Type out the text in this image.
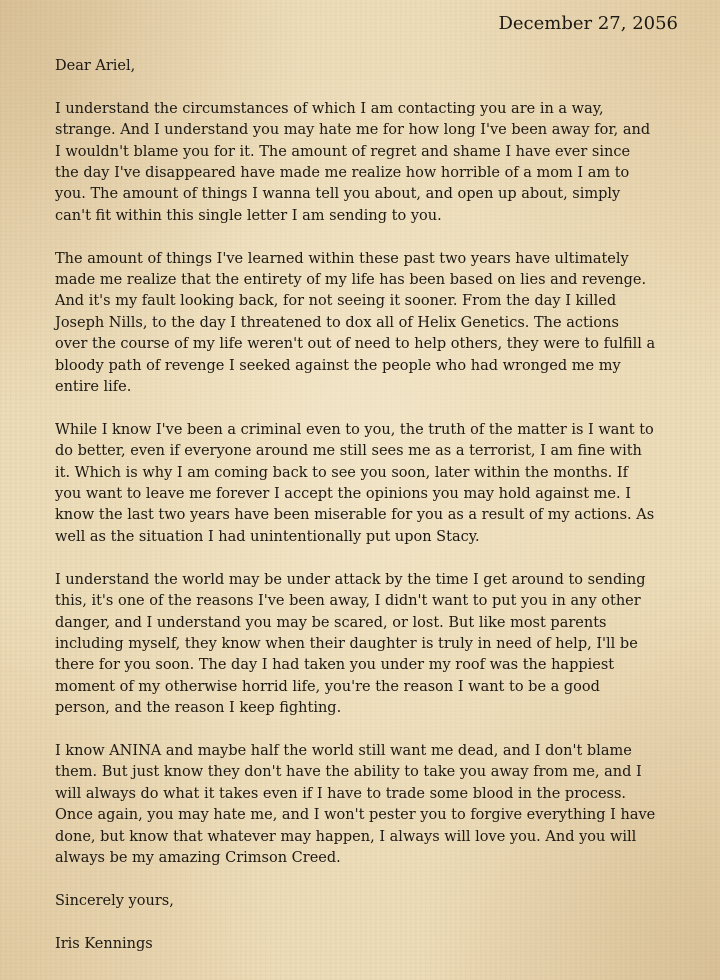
December 27, 2056

Dear Ariel,

I understand the circumstances of which I am contacting you are in a way,
strange. And I understand you may hate me for how long I've been away for, and
I wouldn't blame you for it. The amount of regret and shame I have ever since
the day I've disappeared have made me realize how horrible of a mom I am to
you. The amount of things I wanna tell you about, and open up about, simply
can't fit within this single letter I am sending to you.
The amount of things I've learned within these past two years have ultimately
made me realize that the entirety of my life has been based on lies and revenge.
And it's my fault looking back, for not seeing it sooner. From the day I killed
Joseph Nills, to the day I threatened to dox all of Helix Genetics. The actions
over the course of my life weren't out of need to help others, they were to fulfill a
bloody path of revenge I seeked against the people who had wronged me my
entire life.
While I know I've been a criminal even to you, the truth of the matter is I want to
do better, even if everyone around me still sees me as a terrorist, I am fine with
it. Which is why I am coming back to see you soon, later within the months. If
you want to leave me forever I accept the opinions you may hold against me. I
know the last two years have been miserable for you as a result of my actions. As
well as the situation I had unintentionally put upon Stacy.
I understand the world may be under attack by the time I get around to sending
this, it's one of the reasons I've been away, I didn't want to put you in any other
danger, and I understand you may be scared, or lost. But like most parents
including myself, they know when their daughter is truly in need of help, I'll be
there for you soon. The day I had taken you under my roof was the happiest
moment of my otherwise horrid life, you're the reason I want to be a good
person, and the reason I keep fighting.
I know ANINA and maybe half the world still want me dead, and I don't blame
them. But just know they don't have the ability to take you away from me, and I
will always do what it takes even if I have to trade some blood in the process.
Once again, you may hate me, and I won't pester you to forgive everything I have
done, but know that whatever may happen, I always will love you. And you will
always be my amazing Crimson Creed.

Sincerely yours,

Iris Kennings
